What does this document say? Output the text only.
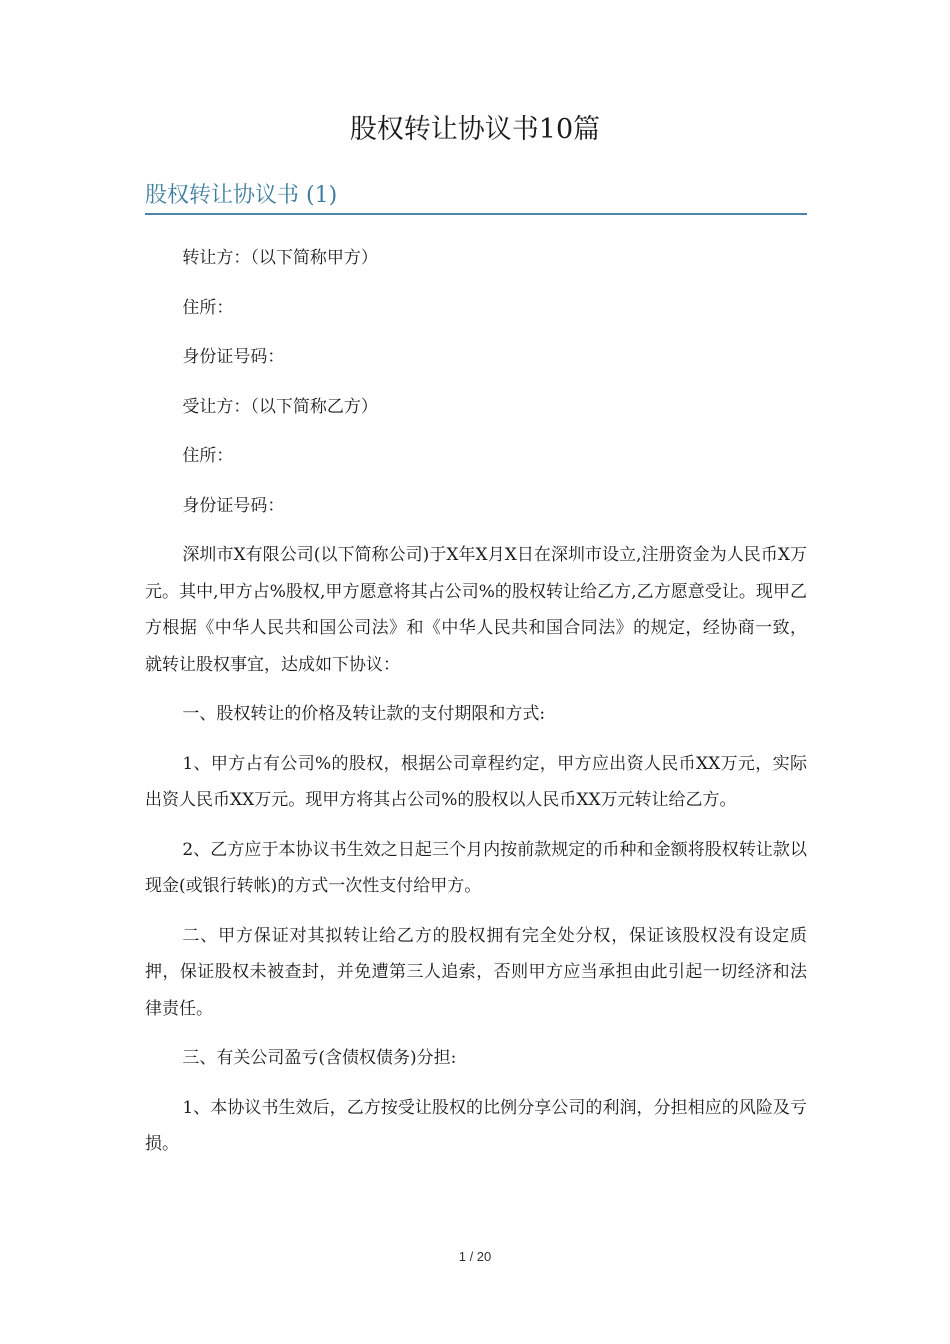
股权转让协议书10篇
股权转让协议书 (1)

转让方：（以下简称甲方）

住所：

身份证号码：

受让方：（以下简称乙方）

住所：

身份证号码：

深圳市X有限公司(以下简称公司)于X年X月X日在深圳市设立,注册资金为人民币X万元。其中,甲方占%股权,甲方愿意将其占公司%的股权转让给乙方,乙方愿意受让。现甲乙方根据《中华人民共和国公司法》和《中华人民共和国合同法》的规定，经协商一致，就转让股权事宜，达成如下协议：

一、股权转让的价格及转让款的支付期限和方式:

1、甲方占有公司%的股权，根据公司章程约定，甲方应出资人民币XX万元，实际出资人民币XX万元。现甲方将其占公司%的股权以人民币XX万元转让给乙方。

2、乙方应于本协议书生效之日起三个月内按前款规定的币种和金额将股权转让款以现金(或银行转帐)的方式一次性支付给甲方。

二、甲方保证对其拟转让给乙方的股权拥有完全处分权，保证该股权没有设定质押，保证股权未被查封，并免遭第三人追索，否则甲方应当承担由此引起一切经济和法律责任。

三、有关公司盈亏(含债权债务)分担:

1、本协议书生效后，乙方按受让股权的比例分享公司的利润，分担相应的风险及亏损。

1 / 20
